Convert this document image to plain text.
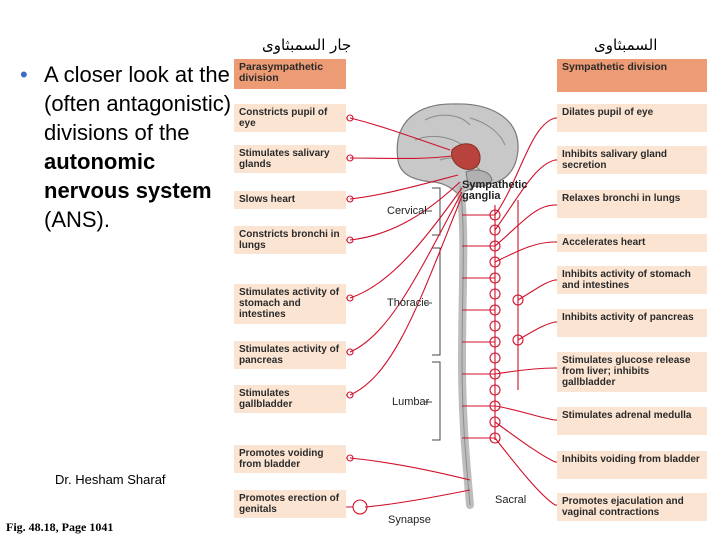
جار السمبثاوى	السمبثاوى
• A closer look at the (often antagonistic) divisions of the autonomic nervous system (ANS).
Dr. Hesham Sharaf
Fig. 48.18, Page 1041
Sympathetic ganglia
Cervical
Thoracic
Lumbar
Sacral
Synapse
Parasympathetic division
Constricts pupil of eye
Stimulates salivary glands
Slows heart
Constricts bronchi in lungs
Stimulates activity of stomach and intestines
Stimulates activity of pancreas
Stimulates gallbladder
Promotes voiding from bladder
Promotes erection of genitals
Sympathetic division
Dilates pupil of eye
Inhibits salivary gland secretion
Relaxes bronchi in lungs
Accelerates heart
Inhibits activity of stomach and intestines
Inhibits activity of pancreas
Stimulates glucose release from liver; inhibits gallbladder
Stimulates adrenal medulla
Inhibits voiding from bladder
Promotes ejaculation and vaginal contractions
